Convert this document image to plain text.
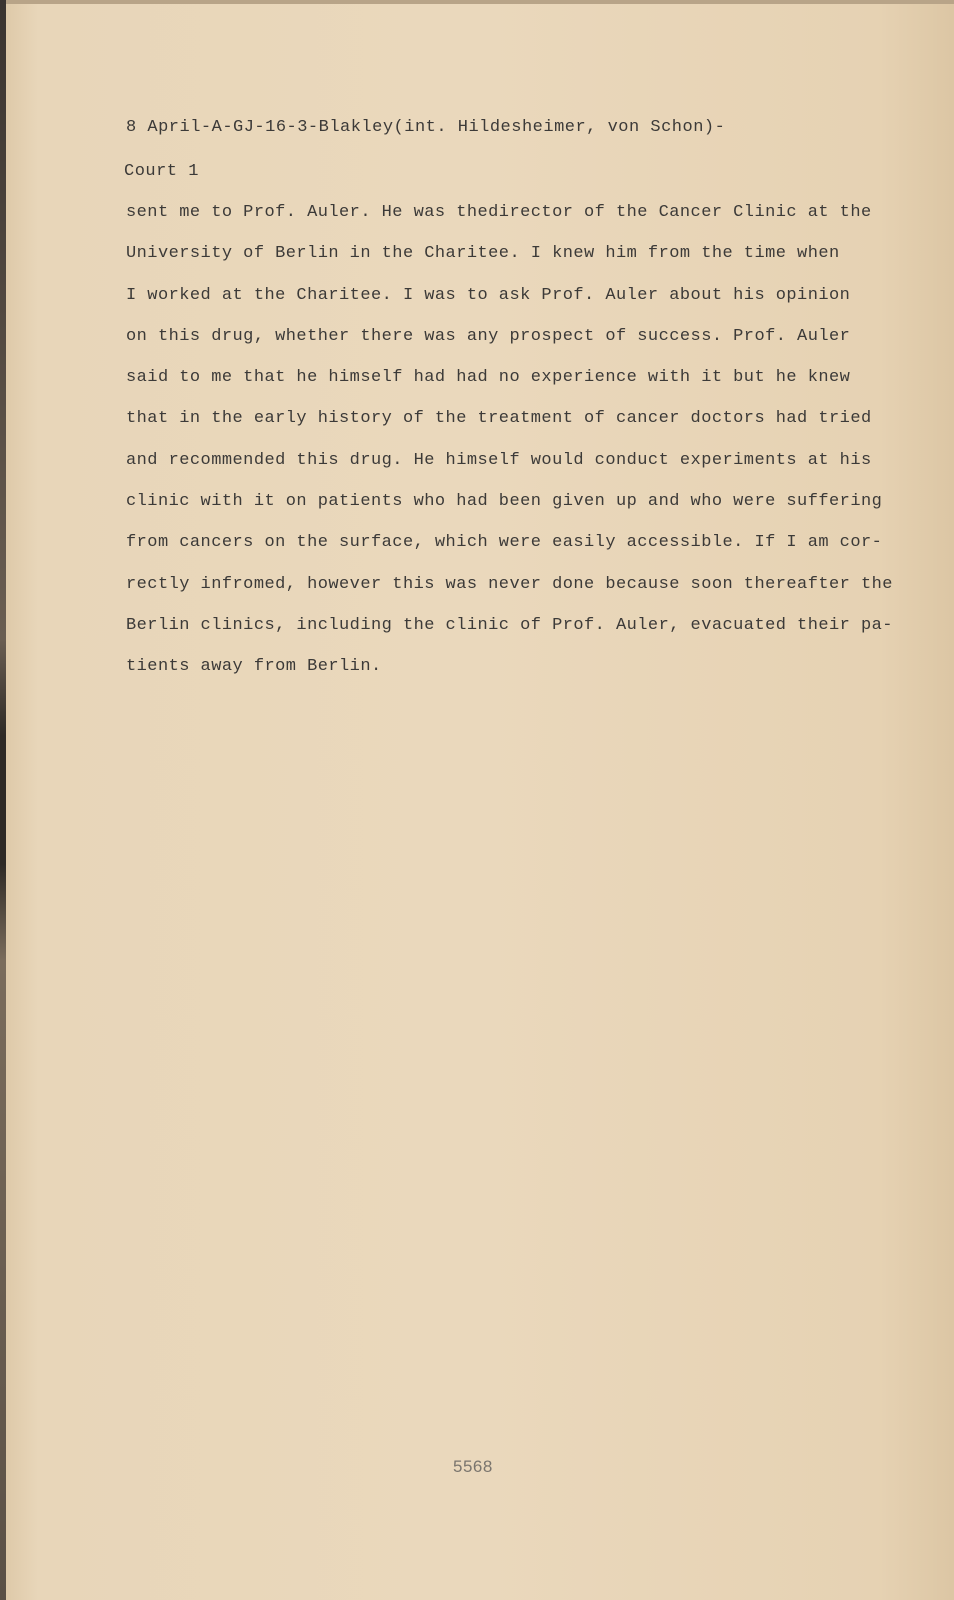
8 April-A-GJ-16-3-Blakley(int. Hildesheimer, von Schon)-
Court 1
sent me to Prof. Auler. He was thedirector of the Cancer Clinic at the
University of Berlin in the Charitee. I knew him from the time when
I worked at the Charitee. I was to ask Prof. Auler about his opinion
on this drug, whether there was any prospect of success. Prof. Auler
said to me that he himself had had no experience with it but he knew
that in the early history of the treatment of cancer doctors had tried
and recommended this drug. He himself would conduct experiments at his
clinic with it on patients who had been given up and who were suffering
from cancers on the surface, which were easily accessible. If I am cor-
rectly infromed, however this was never done because soon thereafter the
Berlin clinics, including the clinic of Prof. Auler, evacuated their pa-
tients away from Berlin.
5568
